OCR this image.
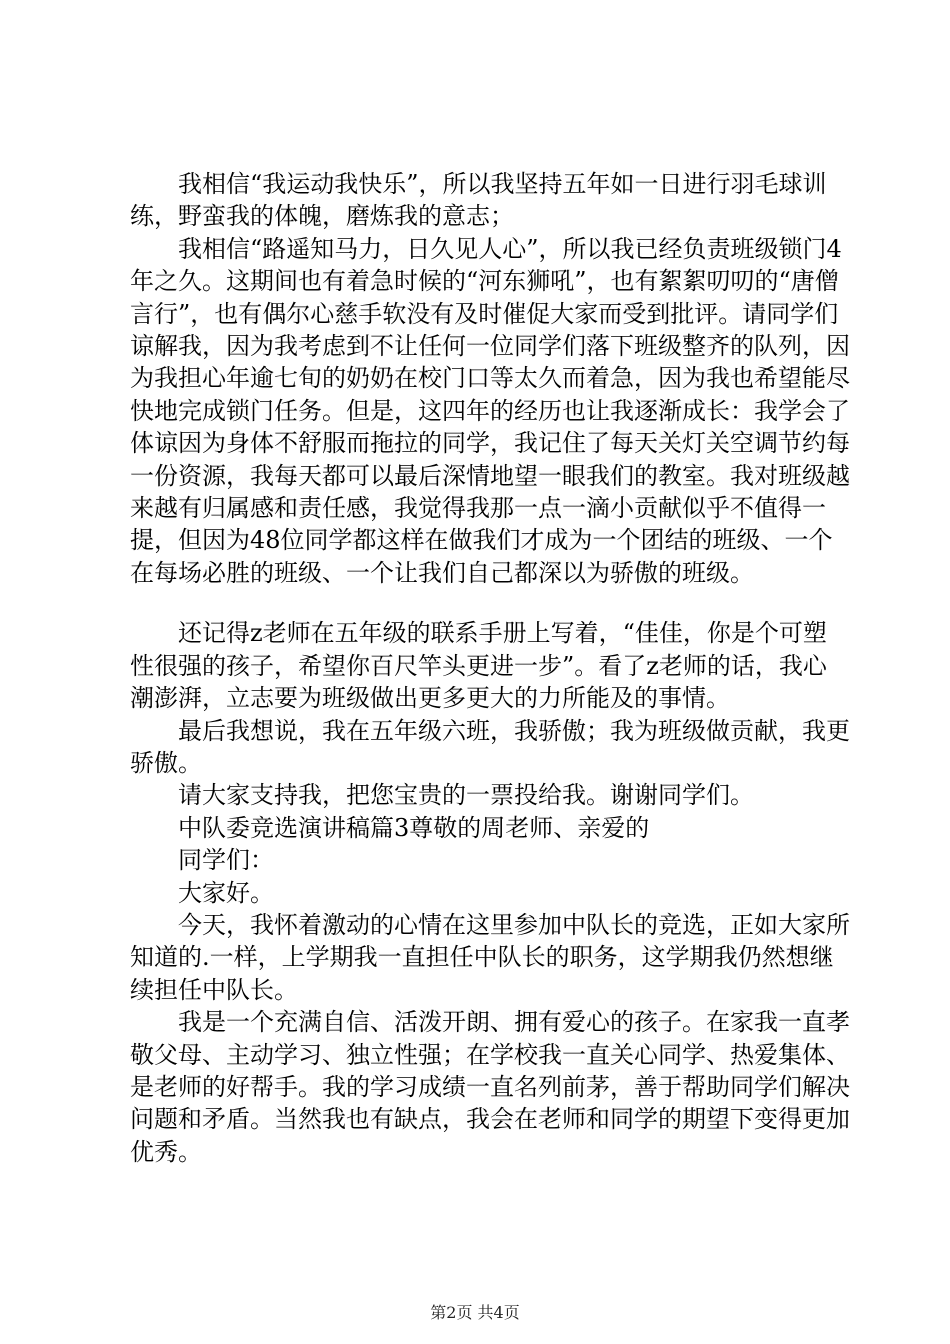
我相信“我运动我快乐”，所以我坚持五年如一日进行羽毛球训练，野蛮我的体魄，磨炼我的意志；

我相信“路遥知马力，日久见人心”，所以我已经负责班级锁门4年之久。这期间也有着急时候的“河东狮吼”，也有絮絮叨叨的“唐僧言行”，也有偶尔心慈手软没有及时催促大家而受到批评。请同学们谅解我，因为我考虑到不让任何一位同学们落下班级整齐的队列，因为我担心年逾七旬的奶奶在校门口等太久而着急，因为我也希望能尽快地完成锁门任务。但是，这四年的经历也让我逐渐成长：我学会了体谅因为身体不舒服而拖拉的同学，我记住了每天关灯关空调节约每一份资源，我每天都可以最后深情地望一眼我们的教室。我对班级越来越有归属感和责任感，我觉得我那一点一滴小贡献似乎不值得一提，但因为48位同学都这样在做我们才成为一个团结的班级、一个在每场必胜的班级、一个让我们自己都深以为骄傲的班级。

还记得z老师在五年级的联系手册上写着，“佳佳，你是个可塑性很强的孩子，希望你百尺竿头更进一步”。看了z老师的话，我心潮澎湃，立志要为班级做出更多更大的力所能及的事情。

最后我想说，我在五年级六班，我骄傲；我为班级做贡献，我更骄傲。

请大家支持我，把您宝贵的一票投给我。谢谢同学们。

中队委竞选演讲稿篇3尊敬的周老师、亲爱的

同学们：

大家好。

今天，我怀着激动的心情在这里参加中队长的竞选，正如大家所知道的.一样，上学期我一直担任中队长的职务，这学期我仍然想继续担任中队长。

我是一个充满自信、活泼开朗、拥有爱心的孩子。在家我一直孝敬父母、主动学习、独立性强；在学校我一直关心同学、热爱集体、是老师的好帮手。我的学习成绩一直名列前茅，善于帮助同学们解决问题和矛盾。当然我也有缺点，我会在老师和同学的期望下变得更加优秀。

第2页 共4页
